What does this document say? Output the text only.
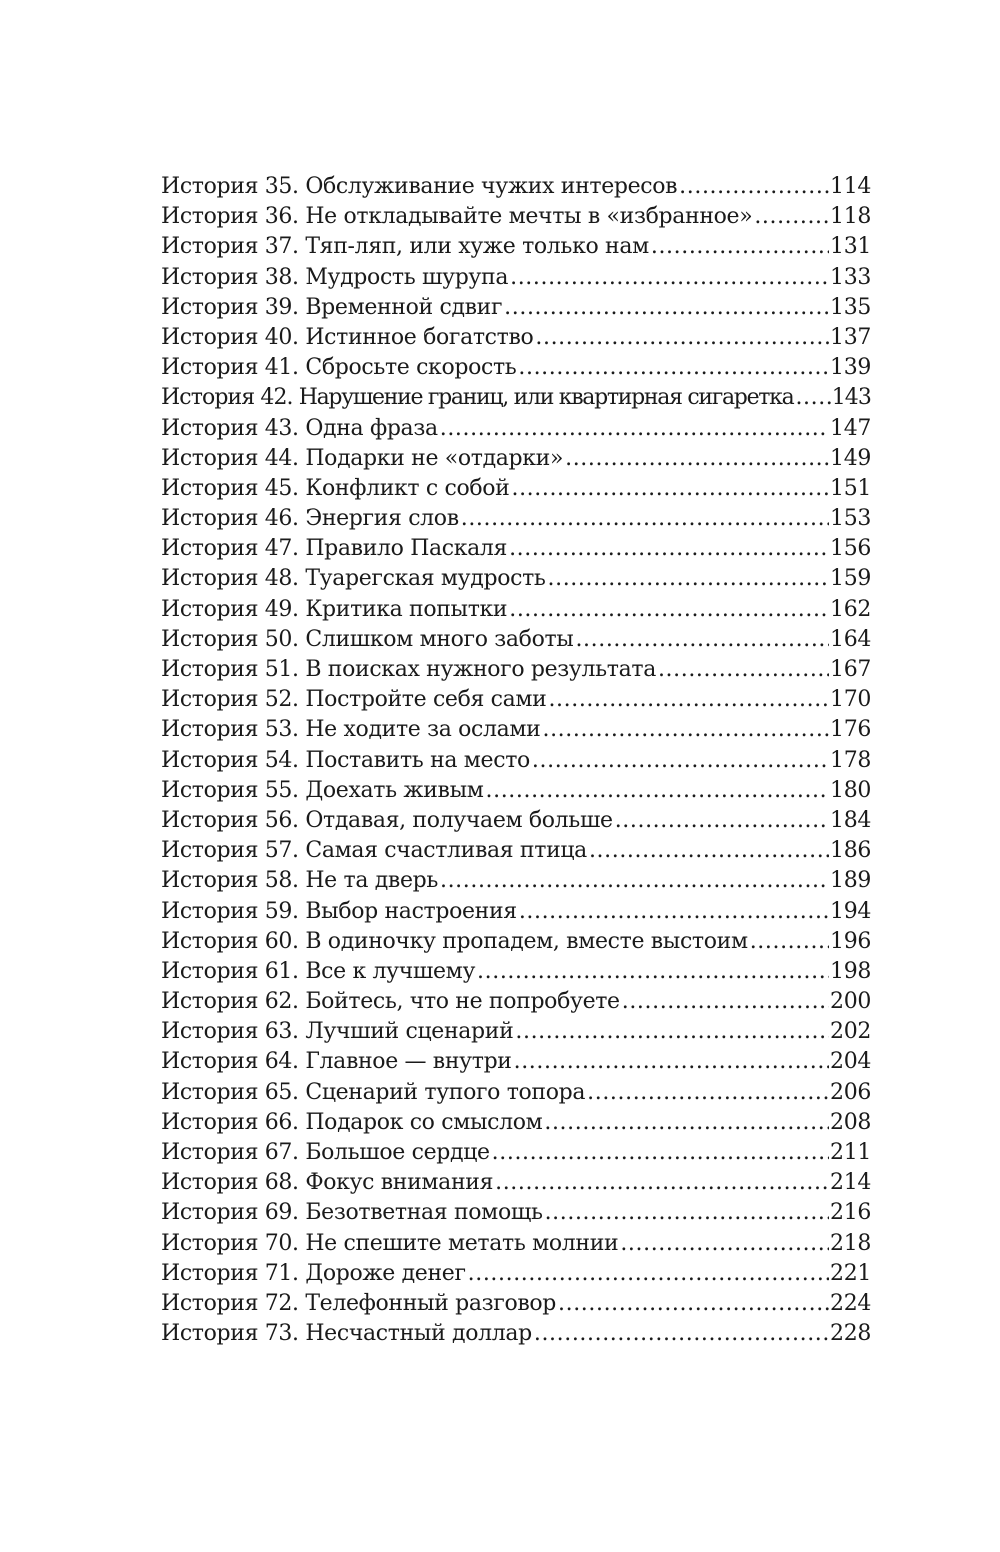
История 35. Обслуживание чужих интересов .....	114
История 36. Не откладывайте мечты в «избранное» .....	118
История 37. Тяп-ляп, или хуже только нам .....	131
История 38. Мудрость шурупа .....	133
История 39. Временной сдвиг .....	135
История 40. Истинное богатство .....	137
История 41. Сбросьте скорость .....	139
История 42. Нарушение границ, или квартирная сигаретка ..... 143
История 43. Одна фраза .....	147
История 44. Подарки не «отдарки» .....	149
История 45. Конфликт с собой .....	151
История 46. Энергия слов .....	153
История 47. Правило Паскаля .....	156
История 48. Туарегская мудрость .....	159
История 49. Критика попытки .....	162
История 50. Слишком много заботы .....	164
История 51. В поисках нужного результата .....	167
История 52. Постройте себя сами .....	170
История 53. Не ходите за ослами .....	176
История 54. Поставить на место .....	178
История 55. Доехать живым .....	180
История 56. Отдавая, получаем больше .....	184
История 57. Самая счастливая птица .....	186
История 58. Не та дверь .....	189
История 59. Выбор настроения .....	194
История 60. В одиночку пропадем, вместе выстоим .....	196
История 61. Все к лучшему .....	198
История 62. Бойтесь, что не попробуете .....	200
История 63. Лучший сценарий .....	202
История 64. Главное — внутри .....	204
История 65. Сценарий тупого топора .....	206
История 66. Подарок со смыслом .....	208
История 67. Большое сердце .....	211
История 68. Фокус внимания .....	214
История 69. Безответная помощь .....	216
История 70. Не спешите метать молнии .....	218
История 71. Дороже денег .....	221
История 72. Телефонный разговор .....	224
История 73. Несчастный доллар .....	228
